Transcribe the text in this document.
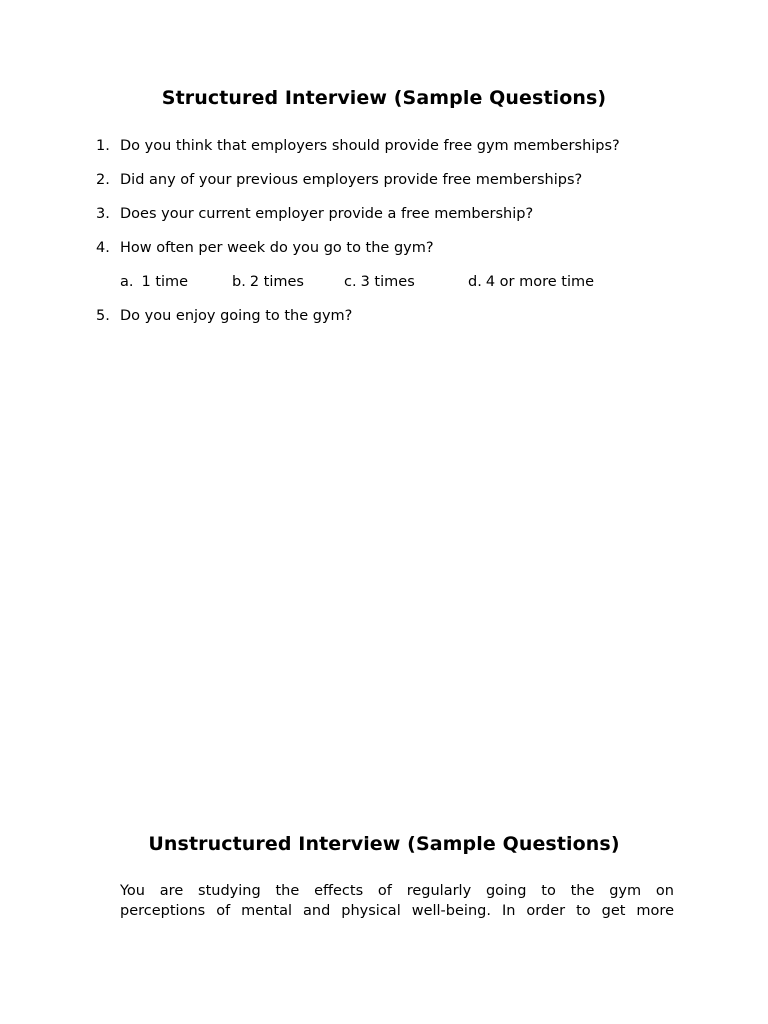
Structured Interview (Sample Questions)
1. Do you think that employers should provide free gym memberships?
2. Did any of your previous employers provide free memberships?
3. Does your current employer provide a free membership?
4. How often per week do you go to the gym?
a. 1 time	b. 2 times	c. 3 times	d. 4 or more time
5. Do you enjoy going to the gym?
Unstructured Interview (Sample Questions)

You are studying the effects of regularly going to the gym on
perceptions of mental and physical well-being. In order to get more
